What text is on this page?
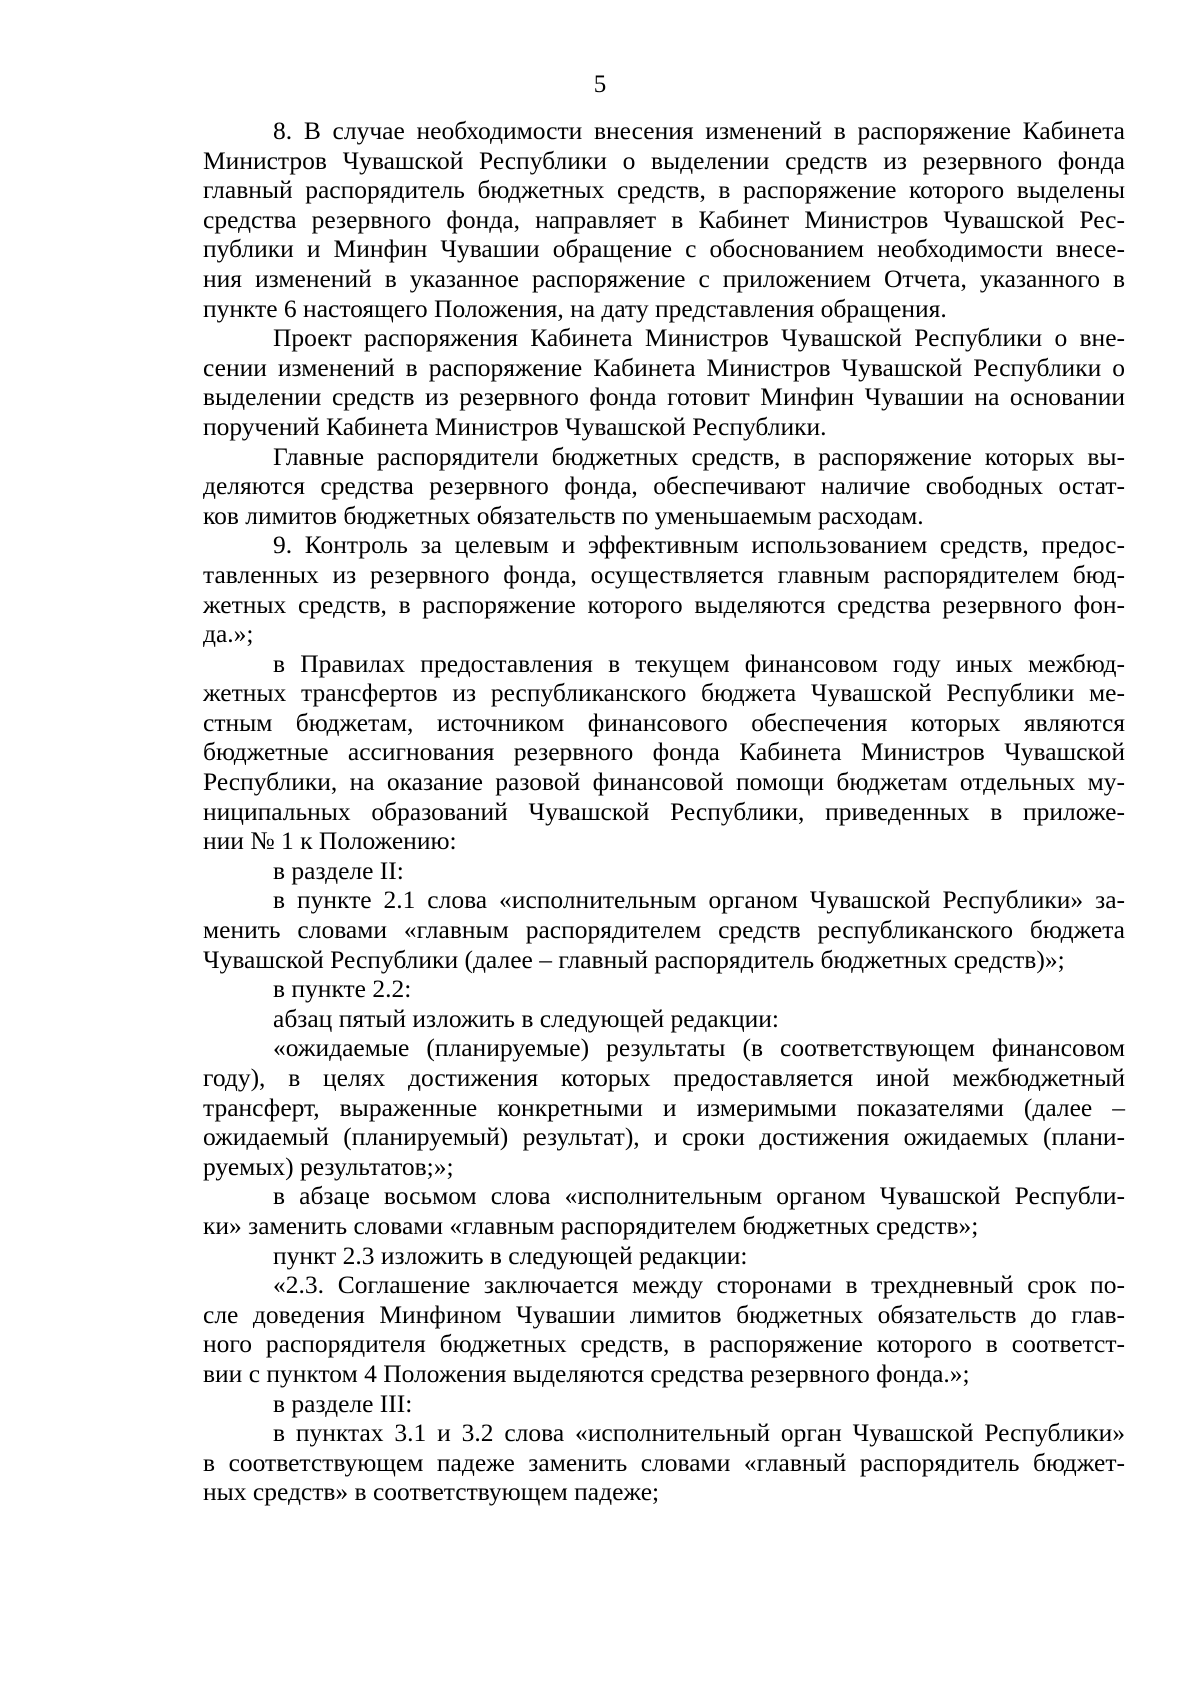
5
8. В случае необходимости внесения изменений в распоряжение Кабинета
Министров Чувашской Республики о выделении средств из резервного фонда
главный распорядитель бюджетных средств, в распоряжение которого выделены
средства резервного фонда, направляет в Кабинет Министров Чувашской Рес-
публики и Минфин Чувашии обращение с обоснованием необходимости внесе-
ния изменений в указанное распоряжение с приложением Отчета, указанного в
пункте 6 настоящего Положения, на дату представления обращения.
Проект распоряжения Кабинета Министров Чувашской Республики о вне-
сении изменений в распоряжение Кабинета Министров Чувашской Республики о
выделении средств из резервного фонда готовит Минфин Чувашии на основании
поручений Кабинета Министров Чувашской Республики.
Главные распорядители бюджетных средств, в распоряжение которых вы-
деляются средства резервного фонда, обеспечивают наличие свободных остат-
ков лимитов бюджетных обязательств по уменьшаемым расходам.
9. Контроль за целевым и эффективным использованием средств, предос-
тавленных из резервного фонда, осуществляется главным распорядителем бюд-
жетных средств, в распоряжение которого выделяются средства резервного фон-
да.»;
в Правилах предоставления в текущем финансовом году иных межбюд-
жетных трансфертов из республиканского бюджета Чувашской Республики ме-
стным бюджетам, источником финансового обеспечения которых являются
бюджетные ассигнования резервного фонда Кабинета Министров Чувашской
Республики, на оказание разовой финансовой помощи бюджетам отдельных му-
ниципальных образований Чувашской Республики, приведенных в приложе-
нии № 1 к Положению:
в разделе II:
в пункте 2.1 слова «исполнительным органом Чувашской Республики» за-
менить словами «главным распорядителем средств республиканского бюджета
Чувашской Республики (далее – главный распорядитель бюджетных средств)»;
в пункте 2.2:
абзац пятый изложить в следующей редакции:
«ожидаемые (планируемые) результаты (в соответствующем финансовом
году), в целях достижения которых предоставляется иной межбюджетный
трансферт, выраженные конкретными и измеримыми показателями (далее –
ожидаемый (планируемый) результат), и сроки достижения ожидаемых (плани-
руемых) результатов;»;
в абзаце восьмом слова «исполнительным органом Чувашской Республи-
ки» заменить словами «главным распорядителем бюджетных средств»;
пункт 2.3 изложить в следующей редакции:
«2.3. Соглашение заключается между сторонами в трехдневный срок по-
сле доведения Минфином Чувашии лимитов бюджетных обязательств до глав-
ного распорядителя бюджетных средств, в распоряжение которого в соответст-
вии с пунктом 4 Положения выделяются средства резервного фонда.»;
в разделе III:
в пунктах 3.1 и 3.2 слова «исполнительный орган Чувашской Республики»
в соответствующем падеже заменить словами «главный распорядитель бюджет-
ных средств» в соответствующем падеже;
